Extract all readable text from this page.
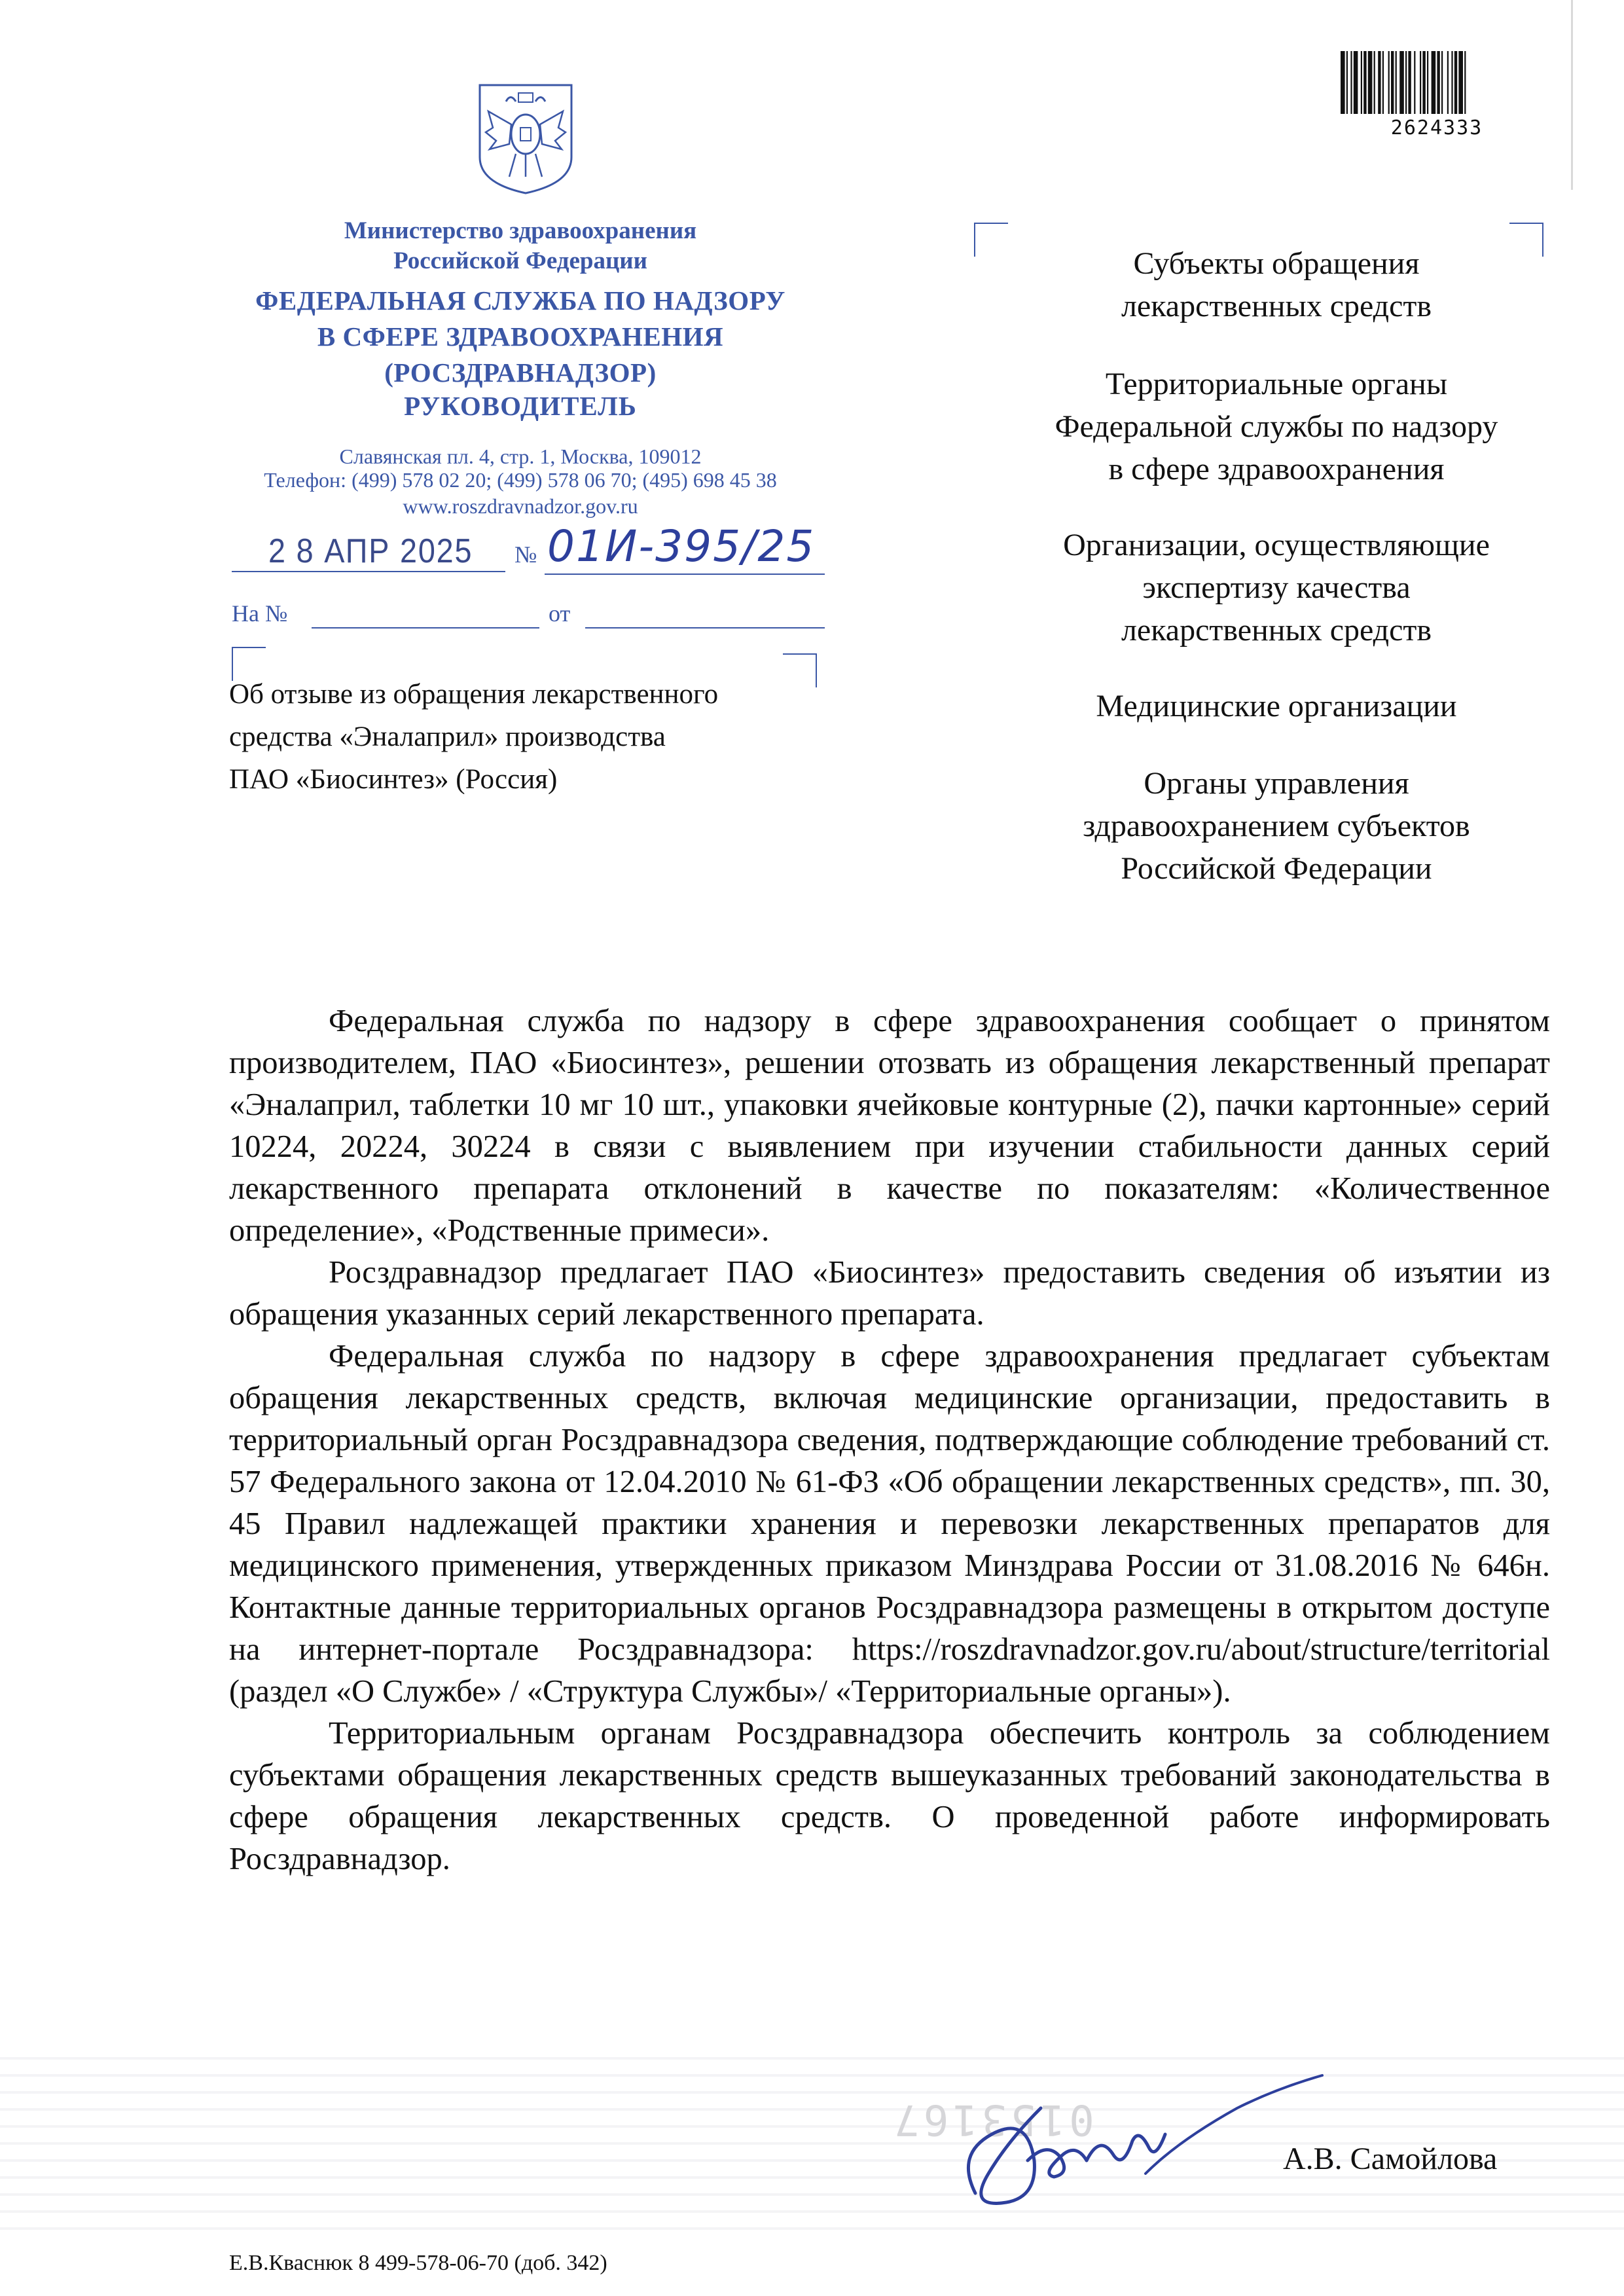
2624333
Министерство здравоохранения
Российской Федерации
ФЕДЕРАЛЬНАЯ СЛУЖБА ПО НАДЗОРУ
В СФЕРЕ ЗДРАВООХРАНЕНИЯ
(РОСЗДРАВНАДЗОР)
РУКОВОДИТЕЛЬ
Славянская пл. 4, стр. 1, Москва, 109012
Телефон: (499) 578 02 20; (499) 578 06 70; (495) 698 45 38
www.roszdravnadzor.gov.ru
2 8 АПР 2025 № 01И-395/25
На №	от
Об отзыве из обращения лекарственного
средства «Эналаприл» производства
ПАО «Биосинтез» (Россия)
Субъекты обращения
лекарственных средств
Территориальные органы
Федеральной службы по надзору
в сфере здравоохранения
Организации, осуществляющие
экспертизу качества
лекарственных средств
Медицинские организации
Органы управления
здравоохранением субъектов
Российской Федерации

Федеральная служба по надзору в сфере здравоохранения сообщает о принятом производителем, ПАО «Биосинтез», решении отозвать из обращения лекарственный препарат «Эналаприл, таблетки 10 мг 10 шт., упаковки ячейковые контурные (2), пачки картонные» серий 10224, 20224, 30224 в связи с выявлением при изучении стабильности данных серий лекарственного препарата отклонений в качестве по показателям: «Количественное определение», «Родственные примеси».

Росздравнадзор предлагает ПАО «Биосинтез» предоставить сведения об изъятии из обращения указанных серий лекарственного препарата.

Федеральная служба по надзору в сфере здравоохранения предлагает субъектам обращения лекарственных средств, включая медицинские организации, предоставить в территориальный орган Росздравнадзора сведения, подтверждающие соблюдение требований ст. 57 Федерального закона от 12.04.2010 № 61-ФЗ «Об обращении лекарственных средств», пп. 30, 45 Правил надлежащей практики хранения и перевозки лекарственных препаратов для медицинского применения, утвержденных приказом Минздрава России от 31.08.2016 № 646н. Контактные данные территориальных органов Росздравнадзора размещены в открытом доступе на интернет-портале Росздравнадзора: https://roszdravnadzor.gov.ru/about/structure/territorial (раздел «О Службе» / «Структура Службы»/ «Территориальные органы»).

Территориальным органам Росздравнадзора обеспечить контроль за соблюдением субъектами обращения лекарственных средств вышеуказанных требований законодательства в сфере обращения лекарственных средств. О проведенной работе информировать Росздравнадзор.

0153167
А.В. Самойлова
Е.В.Кваснюк 8 499-578-06-70 (доб. 342)
